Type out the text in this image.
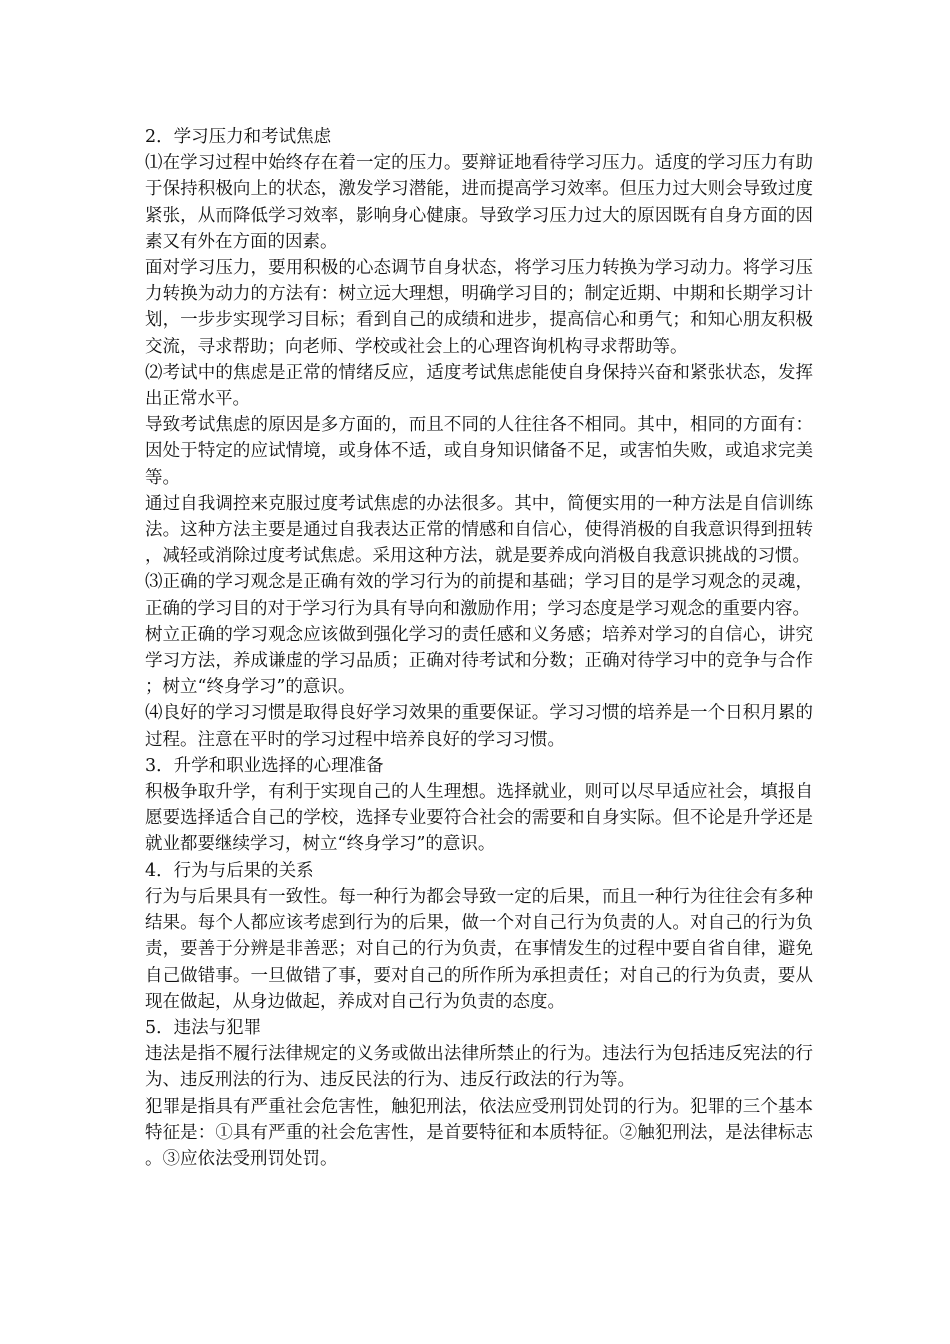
2．学习压力和考试焦虑

⑴在学习过程中始终存在着一定的压力。要辩证地看待学习压力。适度的学习压力有助于保持积极向上的状态，激发学习潜能，进而提高学习效率。但压力过大则会导致过度紧张，从而降低学习效率，影响身心健康。导致学习压力过大的原因既有自身方面的因素又有外在方面的因素。

面对学习压力，要用积极的心态调节自身状态，将学习压力转换为学习动力。将学习压力转换为动力的方法有：树立远大理想，明确学习目的；制定近期、中期和长期学习计划，一步步实现学习目标；看到自己的成绩和进步，提高信心和勇气；和知心朋友积极交流，寻求帮助；向老师、学校或社会上的心理咨询机构寻求帮助等。

⑵考试中的焦虑是正常的情绪反应，适度考试焦虑能使自身保持兴奋和紧张状态，发挥出正常水平。

导致考试焦虑的原因是多方面的，而且不同的人往往各不相同。其中，相同的方面有：因处于特定的应试情境，或身体不适，或自身知识储备不足，或害怕失败，或追求完美等。

通过自我调控来克服过度考试焦虑的办法很多。其中，简便实用的一种方法是自信训练法。这种方法主要是通过自我表达正常的情感和自信心，使得消极的自我意识得到扭转，减轻或消除过度考试焦虑。采用这种方法，就是要养成向消极自我意识挑战的习惯。

⑶正确的学习观念是正确有效的学习行为的前提和基础；学习目的是学习观念的灵魂，正确的学习目的对于学习行为具有导向和激励作用；学习态度是学习观念的重要内容。

树立正确的学习观念应该做到强化学习的责任感和义务感；培养对学习的自信心，讲究学习方法，养成谦虚的学习品质；正确对待考试和分数；正确对待学习中的竞争与合作；树立“终身学习”的意识。

⑷良好的学习习惯是取得良好学习效果的重要保证。学习习惯的培养是一个日积月累的过程。注意在平时的学习过程中培养良好的学习习惯。

3．升学和职业选择的心理准备

积极争取升学，有利于实现自己的人生理想。选择就业，则可以尽早适应社会，填报自愿要选择适合自己的学校，选择专业要符合社会的需要和自身实际。但不论是升学还是就业都要继续学习，树立“终身学习”的意识。

4．行为与后果的关系

行为与后果具有一致性。每一种行为都会导致一定的后果，而且一种行为往往会有多种结果。每个人都应该考虑到行为的后果，做一个对自己行为负责的人。对自己的行为负责，要善于分辨是非善恶；对自己的行为负责，在事情发生的过程中要自省自律，避免自己做错事。一旦做错了事，要对自己的所作所为承担责任；对自己的行为负责，要从现在做起，从身边做起，养成对自己行为负责的态度。

5．违法与犯罪

违法是指不履行法律规定的义务或做出法律所禁止的行为。违法行为包括违反宪法的行为、违反刑法的行为、违反民法的行为、违反行政法的行为等。

犯罪是指具有严重社会危害性，触犯刑法，依法应受刑罚处罚的行为。犯罪的三个基本特征是：①具有严重的社会危害性，是首要特征和本质特征。②触犯刑法，是法律标志。③应依法受刑罚处罚。
